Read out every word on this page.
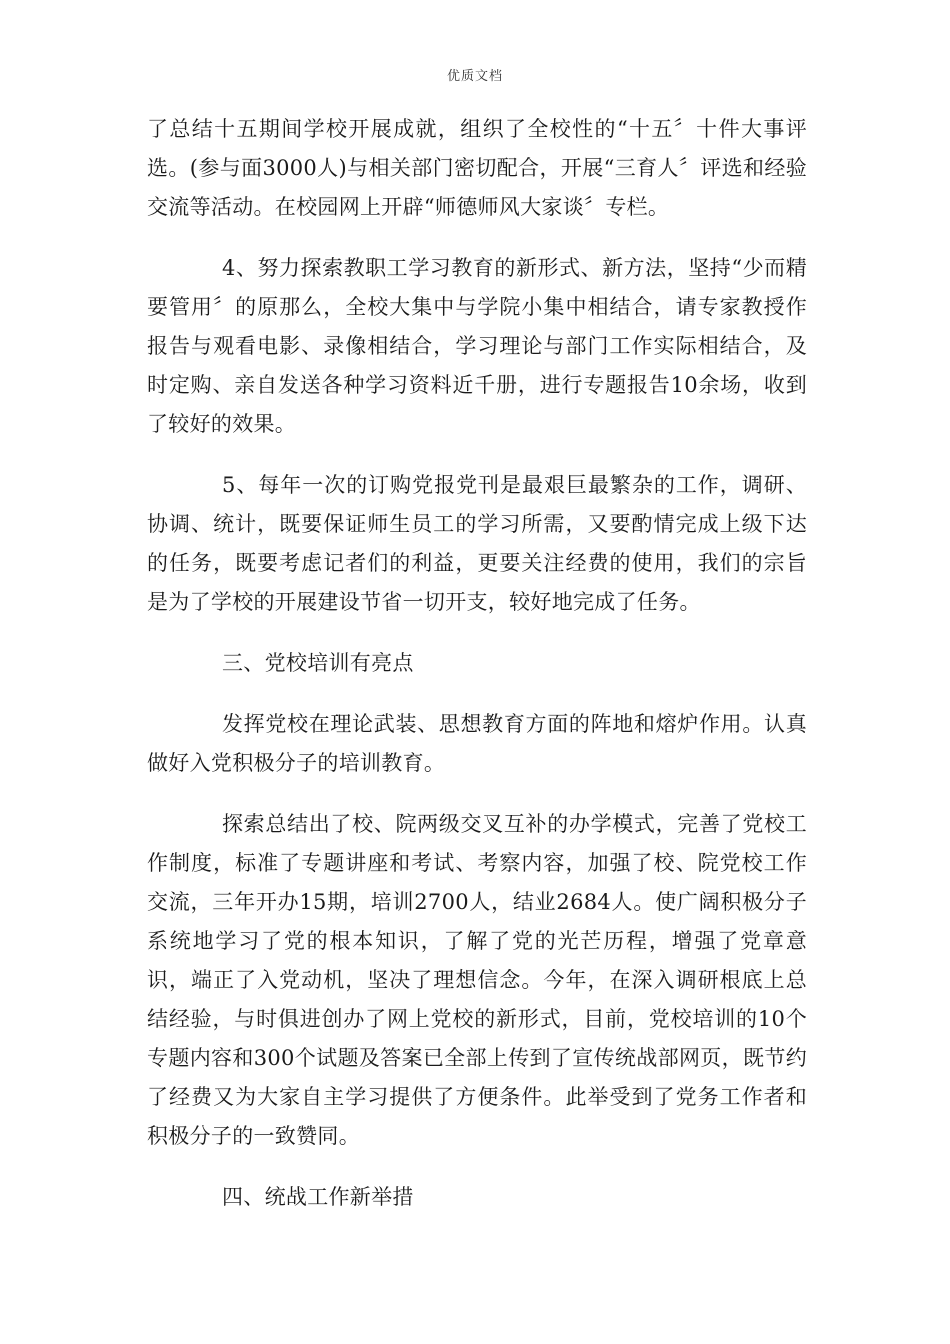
优质文档

了总结十五期间学校开展成就，组织了全校性的“十五〞十件大事评选。(参与面3000人)与相关部门密切配合，开展“三育人〞评选和经验交流等活动。在校园网上开辟“师德师风大家谈〞专栏。

4、努力探索教职工学习教育的新形式、新方法，坚持“少而精要管用〞的原那么，全校大集中与学院小集中相结合，请专家教授作报告与观看电影、录像相结合，学习理论与部门工作实际相结合，及时定购、亲自发送各种学习资料近千册，进行专题报告10余场，收到了较好的效果。

5、每年一次的订购党报党刊是最艰巨最繁杂的工作，调研、协调、统计，既要保证师生员工的学习所需，又要酌情完成上级下达的任务，既要考虑记者们的利益，更要关注经费的使用，我们的宗旨是为了学校的开展建设节省一切开支，较好地完成了任务。

三、党校培训有亮点

发挥党校在理论武装、思想教育方面的阵地和熔炉作用。认真做好入党积极分子的培训教育。

探索总结出了校、院两级交叉互补的办学模式，完善了党校工作制度，标准了专题讲座和考试、考察内容，加强了校、院党校工作交流，三年开办15期，培训2700人，结业2684人。使广阔积极分子系统地学习了党的根本知识，了解了党的光芒历程，增强了党章意识，端正了入党动机，坚决了理想信念。今年，在深入调研根底上总结经验，与时俱进创办了网上党校的新形式，目前，党校培训的10个专题内容和300个试题及答案已全部上传到了宣传统战部网页，既节约了经费又为大家自主学习提供了方便条件。此举受到了党务工作者和积极分子的一致赞同。

四、统战工作新举措
